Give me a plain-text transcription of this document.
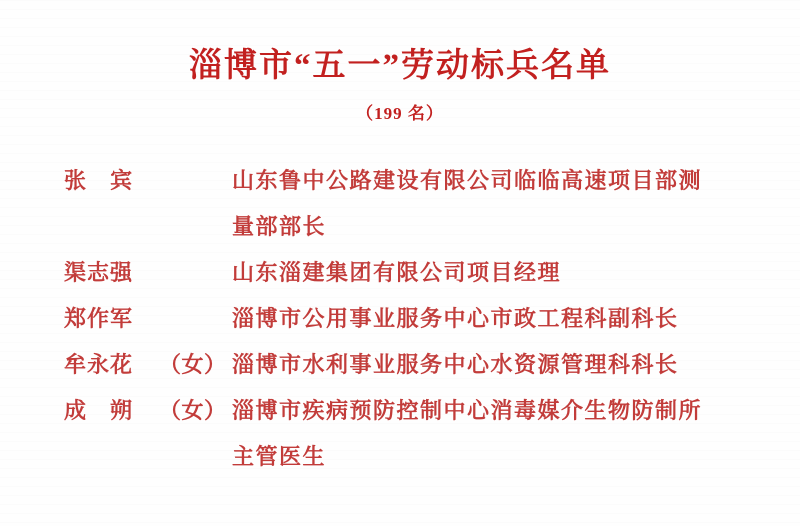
淄博市“五一”劳动标兵名单
（199 名）
张　宾	山东鲁中公路建设有限公司临临高速项目部测量部部长
渠志强	山东淄建集团有限公司项目经理
郑作军	淄博市公用事业服务中心市政工程科副科长
牟永花 （女） 淄博市水利事业服务中心水资源管理科科长
成　朔 （女） 淄博市疾病预防控制中心消毒媒介生物防制所主管医生
